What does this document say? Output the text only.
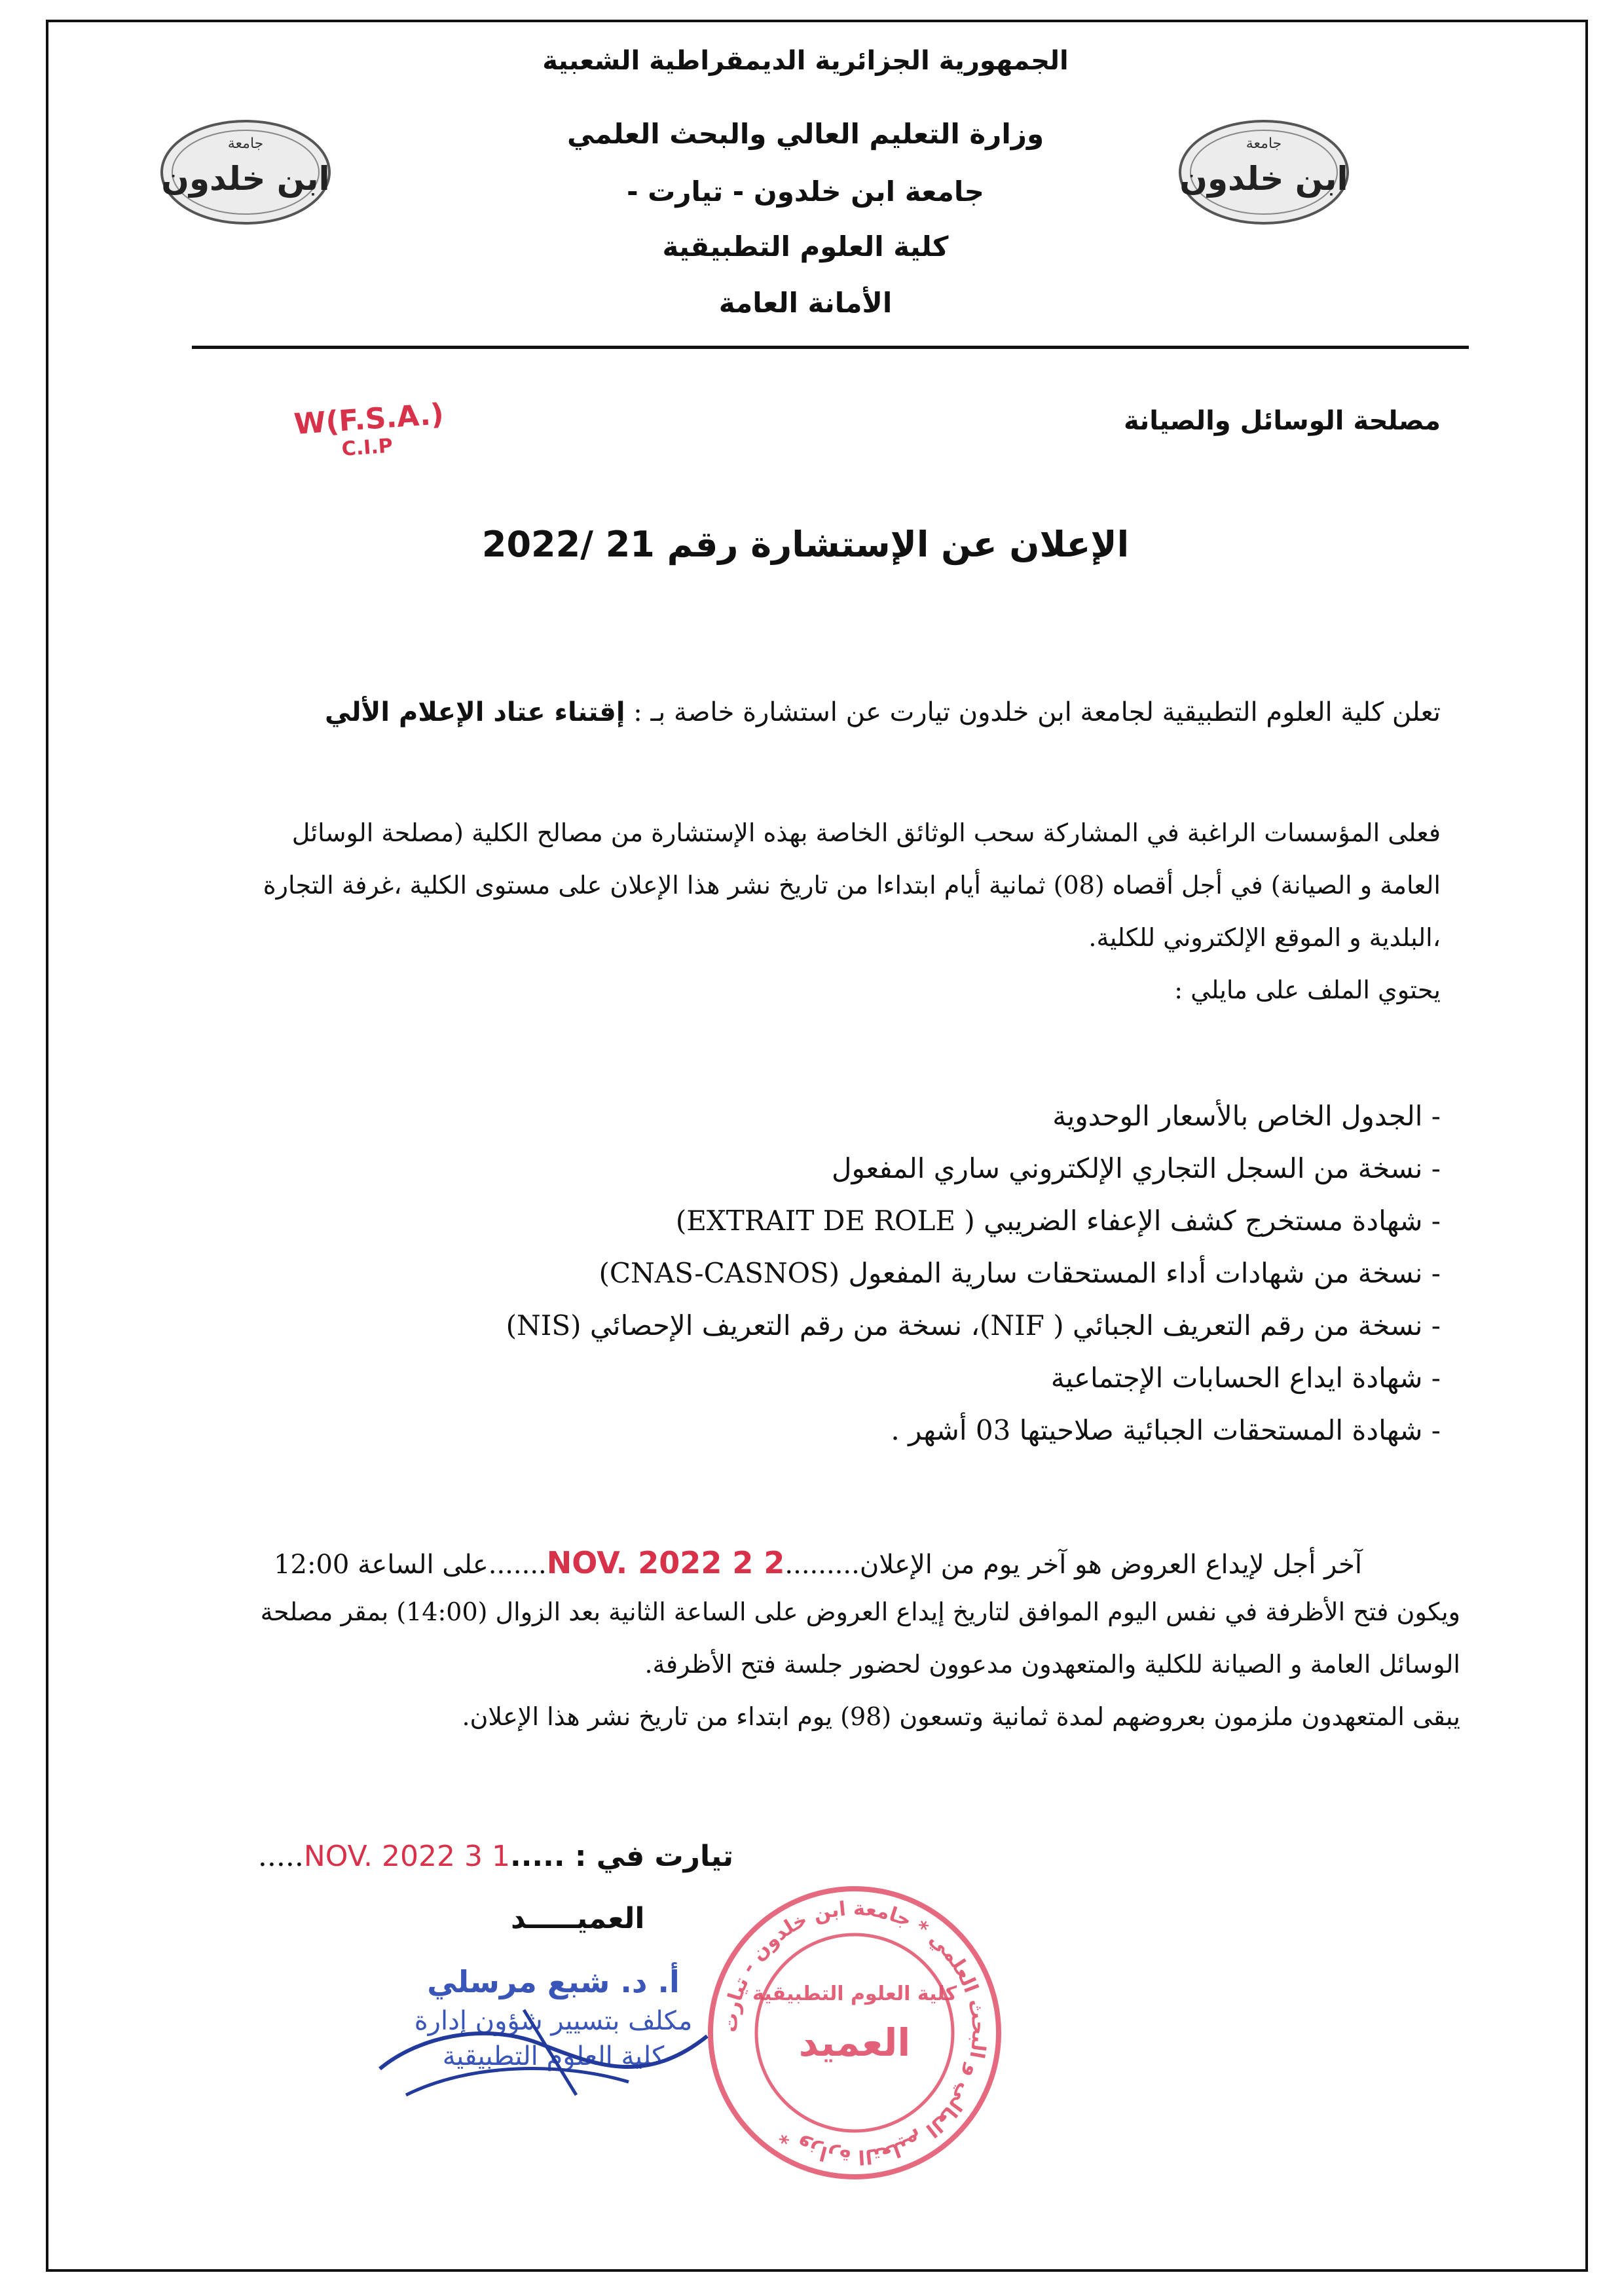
جامعة
ابن خلدون
جامعة
ابن خلدون
الجمهورية الجزائرية الديمقراطية الشعبية
وزارة التعليم العالي والبحث العلمي
جامعة ابن خلدون - تيارت -
كلية العلوم التطبيقية
الأمانة العامة
مصلحة الوسائل والصيانة
W(F.S.A.)
C.I.P
الإعلان عن الإستشارة رقم 21 /2022
تعلن كلية العلوم التطبيقية لجامعة ابن خلدون تيارت عن استشارة خاصة بـ : إقتناء عتاد الإعلام الألي
فعلى المؤسسات الراغبة في المشاركة سحب الوثائق الخاصة بهذه الإستشارة من مصالح الكلية (مصلحة الوسائل
العامة و الصيانة) في أجل أقصاه (08) ثمانية أيام ابتداءا من تاريخ نشر هذا الإعلان على مستوى الكلية ،غرفة التجارة
،البلدية و الموقع الإلكتروني للكلية.
يحتوي الملف على مايلي :
- الجدول الخاص بالأسعار الوحدوية
- نسخة من السجل التجاري الإلكتروني ساري المفعول
- شهادة مستخرج كشف الإعفاء الضريبي ( EXTRAIT DE ROLE)
- نسخة من شهادات أداء المستحقات سارية المفعول (CNAS-CASNOS)
- نسخة من رقم التعريف الجبائي ( NIF)، نسخة من رقم التعريف الإحصائي (NIS)
- شهادة ايداع الحسابات الإجتماعية
- شهادة المستحقات الجبائية صلاحيتها 03 أشهر .
آخر أجل لإيداع العروض هو آخر يوم من الإعلان.........2 2 NOV. 2022.......على الساعة 12:00
ويكون فتح الأظرفة في نفس اليوم الموافق لتاريخ إيداع العروض على الساعة الثانية بعد الزوال (14:00) بمقر مصلحة
الوسائل العامة و الصيانة للكلية والمتعهدون مدعوون لحضور جلسة فتح الأظرفة.
يبقى المتعهدون ملزمون بعروضهم لمدة ثمانية وتسعون (98) يوم ابتداء من تاريخ نشر هذا الإعلان.
تيارت في : .....1 3 NOV. 2022.....
العميـــــد
أ. د. شبع مرسلي
مكلف بتسيير شؤون إدارة
كلية العلوم التطبيقية
وزارة التعليم العالي و البحث العلمي * جامعة ابن خلدون - تيارت *
كلية العلوم التطبيقية
العميد
